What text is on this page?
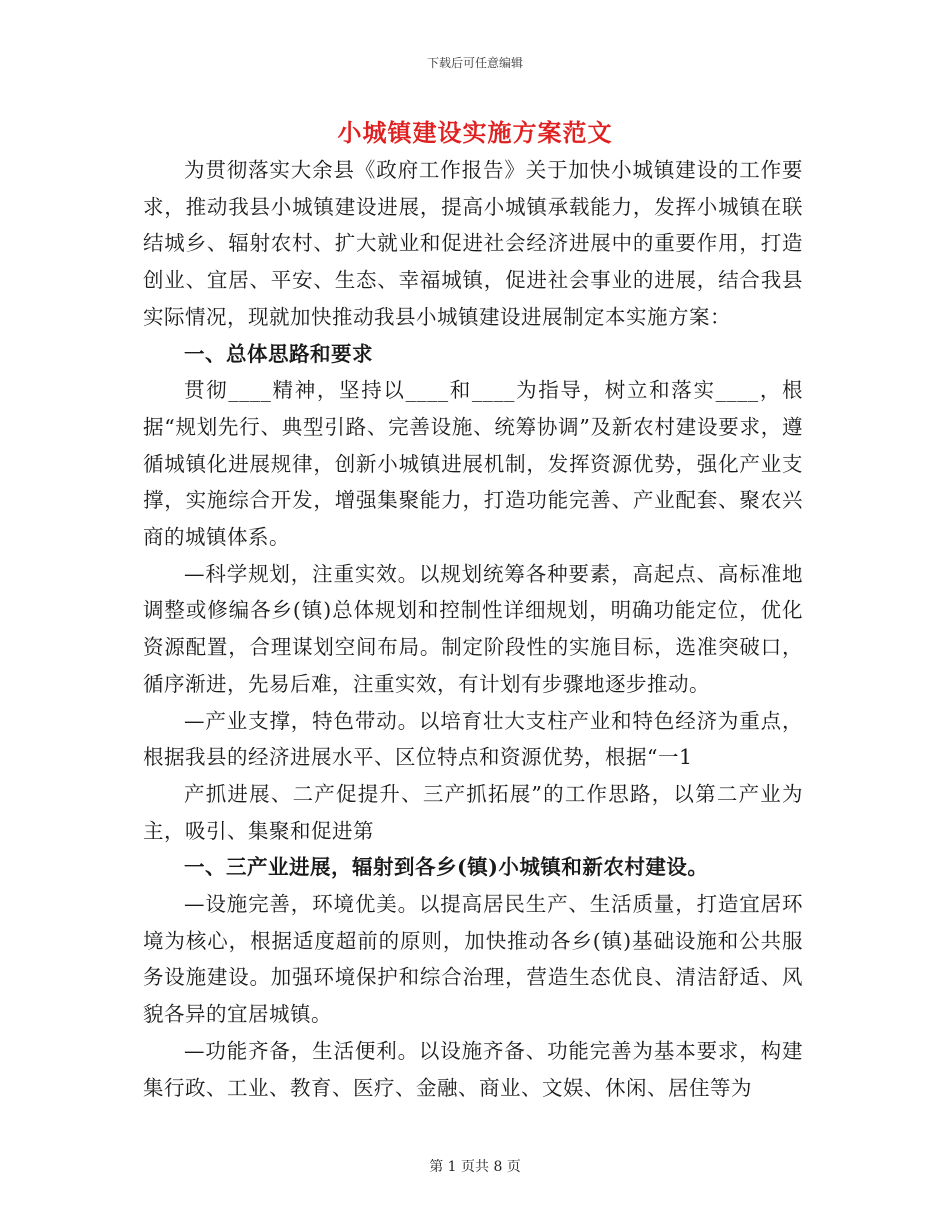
下载后可任意编辑
小城镇建设实施方案范文

为贯彻落实大余县《政府工作报告》关于加快小城镇建设的工作要求，推动我县小城镇建设进展，提高小城镇承载能力，发挥小城镇在联结城乡、辐射农村、扩大就业和促进社会经济进展中的重要作用，打造创业、宜居、平安、生态、幸福城镇，促进社会事业的进展，结合我县实际情况，现就加快推动我县小城镇建设进展制定本实施方案：

一、总体思路和要求

贯彻____精神，坚持以____和____为指导，树立和落实____，根据“规划先行、典型引路、完善设施、统筹协调”及新农村建设要求，遵循城镇化进展规律，创新小城镇进展机制，发挥资源优势，强化产业支撑，实施综合开发，增强集聚能力，打造功能完善、产业配套、聚农兴商的城镇体系。

—科学规划，注重实效。以规划统筹各种要素，高起点、高标准地调整或修编各乡(镇)总体规划和控制性详细规划，明确功能定位，优化资源配置，合理谋划空间布局。制定阶段性的实施目标，选准突破口，循序渐进，先易后难，注重实效，有计划有步骤地逐步推动。

—产业支撑，特色带动。以培育壮大支柱产业和特色经济为重点，根据我县的经济进展水平、区位特点和资源优势，根据“一1

产抓进展、二产促提升、三产抓拓展”的工作思路，以第二产业为主，吸引、集聚和促进第

一、三产业进展，辐射到各乡(镇)小城镇和新农村建设。

—设施完善，环境优美。以提高居民生产、生活质量，打造宜居环境为核心，根据适度超前的原则，加快推动各乡(镇)基础设施和公共服务设施建设。加强环境保护和综合治理，营造生态优良、清洁舒适、风貌各异的宜居城镇。

—功能齐备，生活便利。以设施齐备、功能完善为基本要求，构建集行政、工业、教育、医疗、金融、商业、文娱、休闲、居住等为

第 1 页共 8 页
